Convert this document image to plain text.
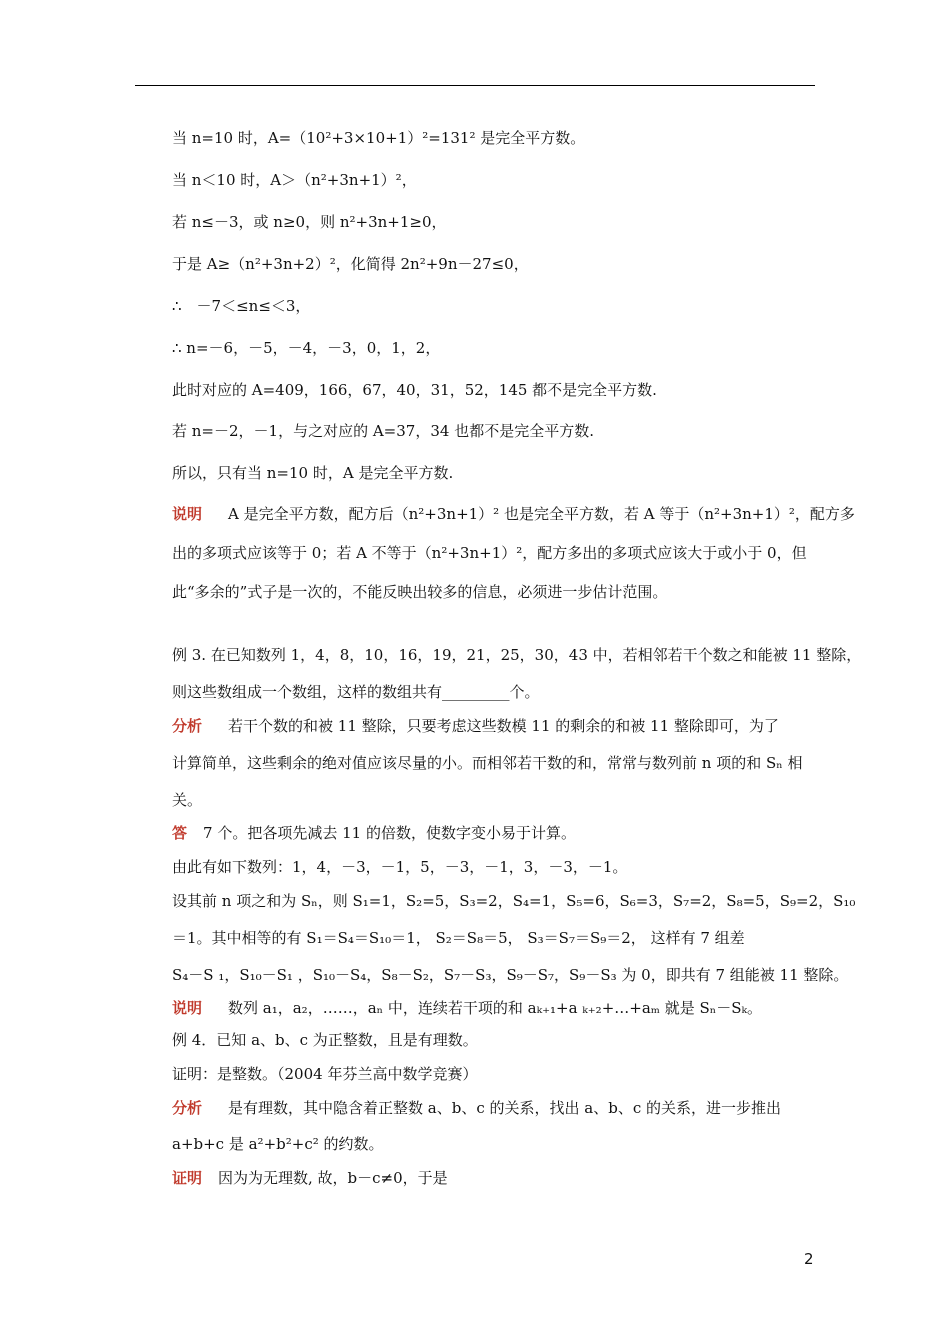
当 n=10 时，A=（10²+3×10+1）²=131² 是完全平方数。
当 n＜10 时，A＞（n²+3n+1）²，
若 n≤－3，或 n≥0，则 n²+3n+1≥0，
于是 A≥（n²+3n+2）²，化简得 2n²+9n－27≤0，
∴　－7＜≤n≤＜3，
∴ n=－6，－5，－4，－3，0，1，2，
此时对应的 A=409，166，67，40，31，52，145 都不是完全平方数.
若 n=－2，－1，与之对应的 A=37，34 也都不是完全平方数.
所以，只有当 n=10 时，A 是完全平方数.
说明 A 是完全平方数，配方后（n²+3n+1）² 也是完全平方数，若 A 等于（n²+3n+1）²，配方多
出的多项式应该等于 0；若 A 不等于（n²+3n+1）²，配方多出的多项式应该大于或小于 0，但
此“多余的”式子是一次的，不能反映出较多的信息，必须进一步估计范围。
例 3. 在已知数列 1，4，8，10，16，19，21，25，30，43 中，若相邻若干个数之和能被 11 整除，
则这些数组成一个数组，这样的数组共有_________个。
分析 若干个数的和被 11 整除，只要考虑这些数模 11 的剩余的和被 11 整除即可，为了
计算简单，这些剩余的绝对值应该尽量的小。而相邻若干数的和，常常与数列前 n 项的和 Sₙ 相
关。
答 7 个。把各项先减去 11 的倍数，使数字变小易于计算。
由此有如下数列：1，4，－3，－1，5，－3，－1，3，－3，－1。
设其前 n 项之和为 Sₙ，则 S₁=1，S₂=5，S₃=2，S₄=1，S₅=6，S₆=3，S₇=2，S₈=5，S₉=2，S₁₀
＝1。其中相等的有 S₁＝S₄＝S₁₀＝1， S₂＝S₈＝5， S₃＝S₇＝S₉＝2， 这样有 7 组差
S₄－S ₁，S₁₀－S₁ ，S₁₀－S₄，S₈－S₂，S₇－S₃，S₉－S₇，S₉－S₃ 为 0，即共有 7 组能被 11 整除。
说明 数列 a₁，a₂，……，aₙ 中，连续若干项的和 aₖ₊₁+a ₖ₊₂+…+aₘ 就是 Sₙ－Sₖ。
例 4．已知 a、b、c 为正整数，且是有理数。
证明：是整数。（2004 年芬兰高中数学竞赛）
分析 是有理数，其中隐含着正整数 a、b、c 的关系，找出 a、b、c 的关系，进一步推出
a+b+c 是 a²+b²+c² 的约数。
证明 因为为无理数, 故，b－c≠0，于是
2
